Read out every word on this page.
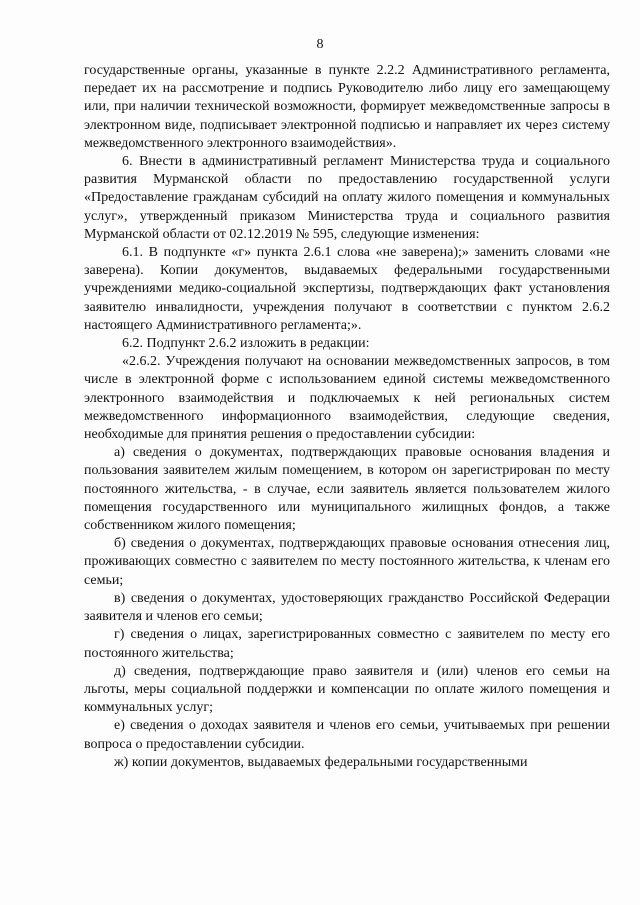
8

государственные органы, указанные в пункте 2.2.2 Административного регламента, передает их на рассмотрение и подпись Руководителю либо лицу его замещающему или, при наличии технической возможности, формирует межведомственные запросы в электронном виде, подписывает электронной подписью и направляет их через систему межведомственного электронного взаимодействия».

6. Внести в административный регламент Министерства труда и социального развития Мурманской области по предоставлению государственной услуги «Предоставление гражданам субсидий на оплату жилого помещения и коммунальных услуг», утвержденный приказом Министерства труда и социального развития Мурманской области от 02.12.2019 № 595, следующие изменения:

6.1. В подпункте «г» пункта 2.6.1 слова «не заверена);» заменить словами «не заверена). Копии документов, выдаваемых федеральными государственными учреждениями медико-социальной экспертизы, подтверждающих факт установления заявителю инвалидности, учреждения получают в соответствии с пунктом 2.6.2 настоящего Административного регламента;».

6.2. Подпункт 2.6.2 изложить в редакции:

«2.6.2. Учреждения получают на основании межведомственных запросов, в том числе в электронной форме с использованием единой системы межведомственного электронного взаимодействия и подключаемых к ней региональных систем межведомственного информационного взаимодействия, следующие сведения, необходимые для принятия решения о предоставлении субсидии:

а) сведения о документах, подтверждающих правовые основания владения и пользования заявителем жилым помещением, в котором он зарегистрирован по месту постоянного жительства, - в случае, если заявитель является пользователем жилого помещения государственного или муниципального жилищных фондов, а также собственником жилого помещения;

б) сведения о документах, подтверждающих правовые основания отнесения лиц, проживающих совместно с заявителем по месту постоянного жительства, к членам его семьи;

в) сведения о документах, удостоверяющих гражданство Российской Федерации заявителя и членов его семьи;

г) сведения о лицах, зарегистрированных совместно с заявителем по месту его постоянного жительства;

д) сведения, подтверждающие право заявителя и (или) членов его семьи на льготы, меры социальной поддержки и компенсации по оплате жилого помещения и коммунальных услуг;

е) сведения о доходах заявителя и членов его семьи, учитываемых при решении вопроса о предоставлении субсидии.

ж) копии документов, выдаваемых федеральными государственными
